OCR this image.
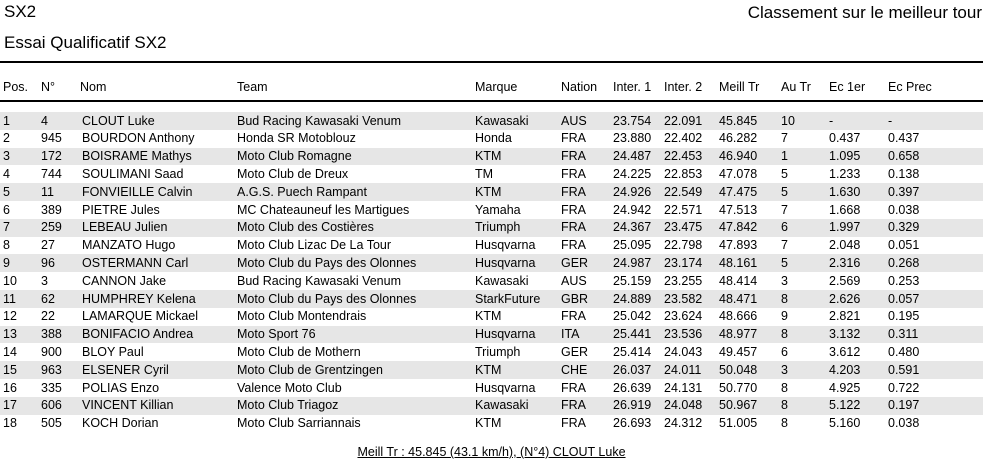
SX2	Classement sur le meilleur tour
Essai Qualificatif SX2
Pos.	N°	Nom	Team	Marque	Nation	Inter. 1	Inter. 2	Meill Tr	Au Tr	Ec 1er	Ec Prec
1	4	CLOUT Luke	Bud Racing Kawasaki Venum	Kawasaki	AUS	23.754	22.091	45.845	10	-	-
2	945	BOURDON Anthony	Honda SR Motoblouz	Honda	FRA	23.880	22.402	46.282	7	0.437	0.437
3	172	BOISRAME Mathys	Moto Club Romagne	KTM	FRA	24.487	22.453	46.940	1	1.095	0.658
4	744	SOULIMANI Saad	Moto Club de Dreux	TM	FRA	24.225	22.853	47.078	5	1.233	0.138
5	11	FONVIEILLE Calvin	A.G.S. Puech Rampant	KTM	FRA	24.926	22.549	47.475	5	1.630	0.397
6	389	PIETRE Jules	MC Chateauneuf les Martigues	Yamaha	FRA	24.942	22.571	47.513	7	1.668	0.038
7	259	LEBEAU Julien	Moto Club des Costières	Triumph	FRA	24.367	23.475	47.842	6	1.997	0.329
8	27	MANZATO Hugo	Moto Club Lizac De La Tour	Husqvarna	FRA	25.095	22.798	47.893	7	2.048	0.051
9	96	OSTERMANN Carl	Moto Club du Pays des Olonnes	Husqvarna	GER	24.987	23.174	48.161	5	2.316	0.268
10	3	CANNON Jake	Bud Racing Kawasaki Venum	Kawasaki	AUS	25.159	23.255	48.414	3	2.569	0.253
11	62	HUMPHREY Kelena	Moto Club du Pays des Olonnes	StarkFuture	GBR	24.889	23.582	48.471	8	2.626	0.057
12	22	LAMARQUE Mickael	Moto Club Montendrais	KTM	FRA	25.042	23.624	48.666	9	2.821	0.195
13	388	BONIFACIO Andrea	Moto Sport 76	Husqvarna	ITA	25.441	23.536	48.977	8	3.132	0.311
14	900	BLOY Paul	Moto Club de Mothern	Triumph	GER	25.414	24.043	49.457	6	3.612	0.480
15	963	ELSENER Cyril	Moto Club de Grentzingen	KTM	CHE	26.037	24.011	50.048	3	4.203	0.591
16	335	POLIAS Enzo	Valence Moto Club	Husqvarna	FRA	26.639	24.131	50.770	8	4.925	0.722
17	606	VINCENT Killian	Moto Club Triagoz	Kawasaki	FRA	26.919	24.048	50.967	8	5.122	0.197
18	505	KOCH Dorian	Moto Club Sarriannais	KTM	FRA	26.693	24.312	51.005	8	5.160	0.038
Meill Tr : 45.845 (43.1 km/h), (N°4) CLOUT Luke
